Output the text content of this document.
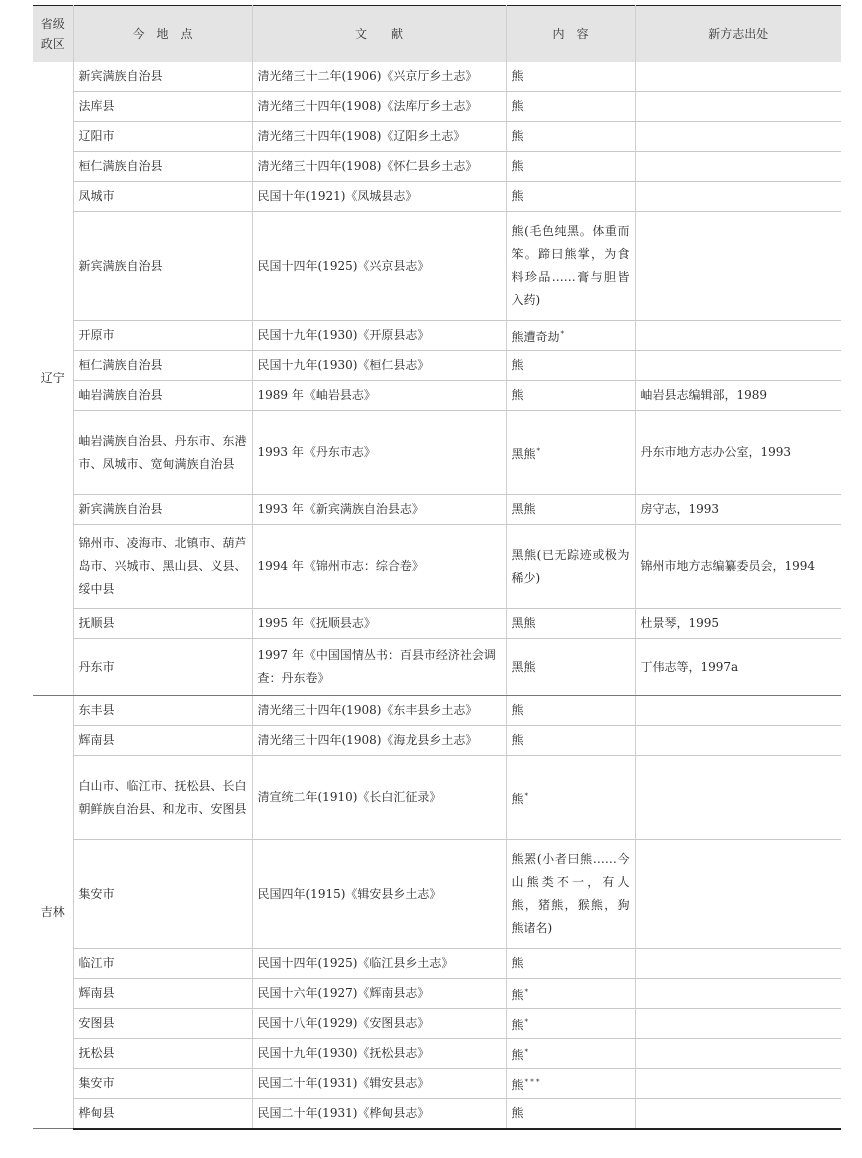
省级
政区	今　地　点	文　　献	内　容	新方志出处
辽宁	新宾满族自治县	清光绪三十二年(1906)《兴京厅乡土志》	熊	
	法库县	清光绪三十四年(1908)《法库厅乡土志》	熊	
	辽阳市	清光绪三十四年(1908)《辽阳乡土志》	熊	
	桓仁满族自治县	清光绪三十四年(1908)《怀仁县乡土志》	熊	
	凤城市	民国十年(1921)《凤城县志》	熊	
	新宾满族自治县	民国十四年(1925)《兴京县志》	熊(毛色纯黑。体重而笨。蹄曰熊掌，为食料珍品……膏与胆皆入药)	
	开原市	民国十九年(1930)《开原县志》	熊遭奇劫*	
	桓仁满族自治县	民国十九年(1930)《桓仁县志》	熊	
	岫岩满族自治县	1989 年《岫岩县志》	熊	岫岩县志编辑部，1989
	岫岩满族自治县、丹东市、东港市、凤城市、宽甸满族自治县	1993 年《丹东市志》	黑熊*	丹东市地方志办公室，1993
	新宾满族自治县	1993 年《新宾满族自治县志》	黑熊	房守志，1993
	锦州市、凌海市、北镇市、葫芦岛市、兴城市、黑山县、义县、绥中县	1994 年《锦州市志：综合卷》	黑熊(已无踪迹或极为稀少)	锦州市地方志编纂委员会，1994
	抚顺县	1995 年《抚顺县志》	黑熊	杜景琴，1995
	丹东市	1997 年《中国国情丛书：百县市经济社会调查：丹东卷》	黑熊	丁伟志等，1997a
吉林	东丰县	清光绪三十四年(1908)《东丰县乡土志》	熊	
	辉南县	清光绪三十四年(1908)《海龙县乡土志》	熊	
	白山市、临江市、抚松县、长白朝鲜族自治县、和龙市、安图县	清宣统二年(1910)《长白汇征录》	熊*	
	集安市	民国四年(1915)《辑安县乡土志》	熊罴(小者曰熊……今山熊类不一，有人熊，猪熊，猴熊，狗熊诸名)	
	临江市	民国十四年(1925)《临江县乡土志》	熊	
	辉南县	民国十六年(1927)《辉南县志》	熊*	
	安图县	民国十八年(1929)《安图县志》	熊*	
	抚松县	民国十九年(1930)《抚松县志》	熊*	
	集安市	民国二十年(1931)《辑安县志》	熊* * *	
	桦甸县	民国二十年(1931)《桦甸县志》	熊	
